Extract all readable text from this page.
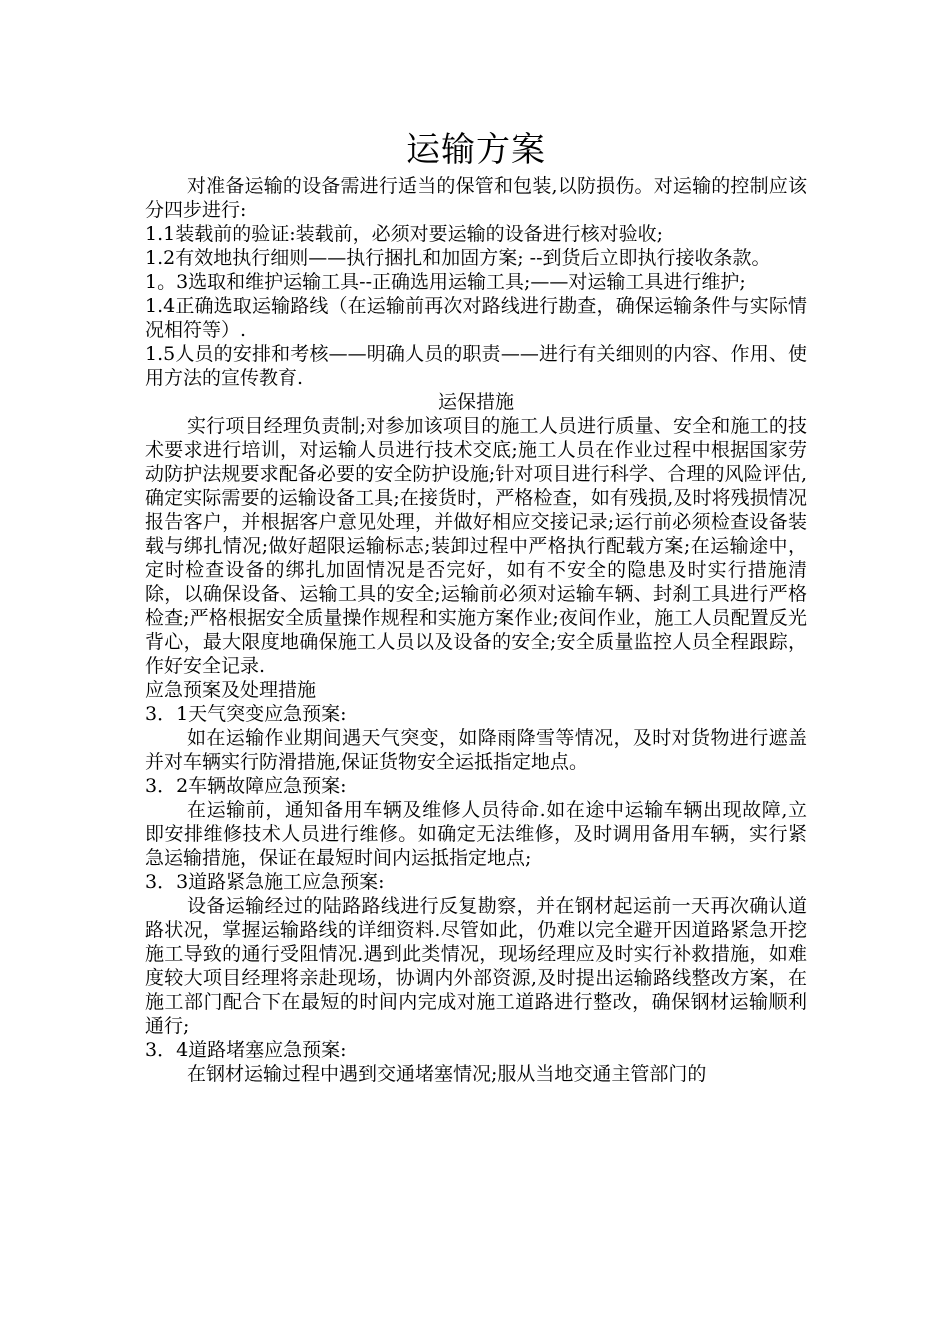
运输方案

对准备运输的设备需进行适当的保管和包装,以防损伤。对运输的控制应该分四步进行:

1.1装载前的验证:装载前，必须对要运输的设备进行核对验收;

1.2有效地执行细则——执行捆扎和加固方案; --到货后立即执行接收条款。

1。3选取和维护运输工具--正确选用运输工具;——对运输工具进行维护;

1.4正确选取运输路线（在运输前再次对路线进行勘查，确保运输条件与实际情况相符等）.

1.5人员的安排和考核——明确人员的职责——进行有关细则的内容、作用、使用方法的宣传教育.

运保措施

实行项目经理负责制;对参加该项目的施工人员进行质量、安全和施工的技术要求进行培训，对运输人员进行技术交底;施工人员在作业过程中根据国家劳动防护法规要求配备必要的安全防护设施;针对项目进行科学、合理的风险评估,确定实际需要的运输设备工具;在接货时，严格检查，如有残损,及时将残损情况报告客户，并根据客户意见处理，并做好相应交接记录;运行前必须检查设备装载与绑扎情况;做好超限运输标志;装卸过程中严格执行配载方案;在运输途中，定时检查设备的绑扎加固情况是否完好，如有不安全的隐患及时实行措施清除，以确保设备、运输工具的安全;运输前必须对运输车辆、封刹工具进行严格检查;严格根据安全质量操作规程和实施方案作业;夜间作业，施工人员配置反光背心，最大限度地确保施工人员以及设备的安全;安全质量监控人员全程跟踪，作好安全记录.

应急预案及处理措施

3．1天气突变应急预案:

如在运输作业期间遇天气突变，如降雨降雪等情况，及时对货物进行遮盖并对车辆实行防滑措施,保证货物安全运抵指定地点。

3．2车辆故障应急预案:

在运输前，通知备用车辆及维修人员待命.如在途中运输车辆出现故障,立即安排维修技术人员进行维修。如确定无法维修，及时调用备用车辆，实行紧急运输措施，保证在最短时间内运抵指定地点;

3．3道路紧急施工应急预案:

设备运输经过的陆路路线进行反复勘察，并在钢材起运前一天再次确认道路状况，掌握运输路线的详细资料.尽管如此，仍难以完全避开因道路紧急开挖施工导致的通行受阻情况.遇到此类情况，现场经理应及时实行补救措施，如难度较大项目经理将亲赴现场，协调内外部资源,及时提出运输路线整改方案，在施工部门配合下在最短的时间内完成对施工道路进行整改，确保钢材运输顺利通行;

3．4道路堵塞应急预案:

在钢材运输过程中遇到交通堵塞情况;服从当地交通主管部门的
